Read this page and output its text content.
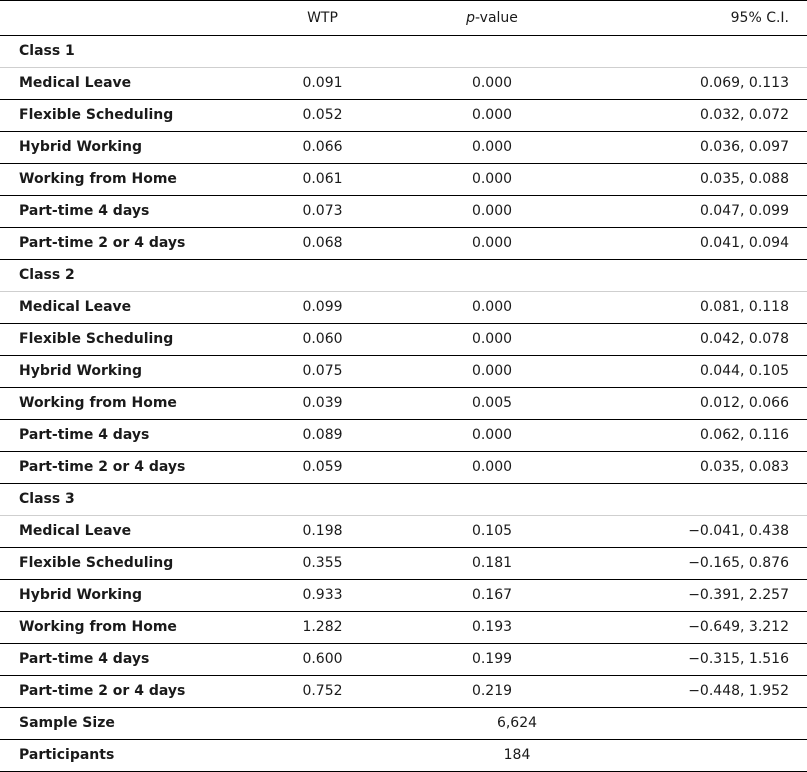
	WTP	p-value	95% C.I.
Class 1			
Medical Leave	0.091	0.000	0.069, 0.113
Flexible Scheduling	0.052	0.000	0.032, 0.072
Hybrid Working	0.066	0.000	0.036, 0.097
Working from Home	0.061	0.000	0.035, 0.088
Part-time 4 days	0.073	0.000	0.047, 0.099
Part-time 2 or 4 days	0.068	0.000	0.041, 0.094
Class 2			
Medical Leave	0.099	0.000	0.081, 0.118
Flexible Scheduling	0.060	0.000	0.042, 0.078
Hybrid Working	0.075	0.000	0.044, 0.105
Working from Home	0.039	0.005	0.012, 0.066
Part-time 4 days	0.089	0.000	0.062, 0.116
Part-time 2 or 4 days	0.059	0.000	0.035, 0.083
Class 3			
Medical Leave	0.198	0.105	−0.041, 0.438
Flexible Scheduling	0.355	0.181	−0.165, 0.876
Hybrid Working	0.933	0.167	−0.391, 2.257
Working from Home	1.282	0.193	−0.649, 3.212
Part-time 4 days	0.600	0.199	−0.315, 1.516
Part-time 2 or 4 days	0.752	0.219	−0.448, 1.952
Sample Size	6,624		
Participants	184		
